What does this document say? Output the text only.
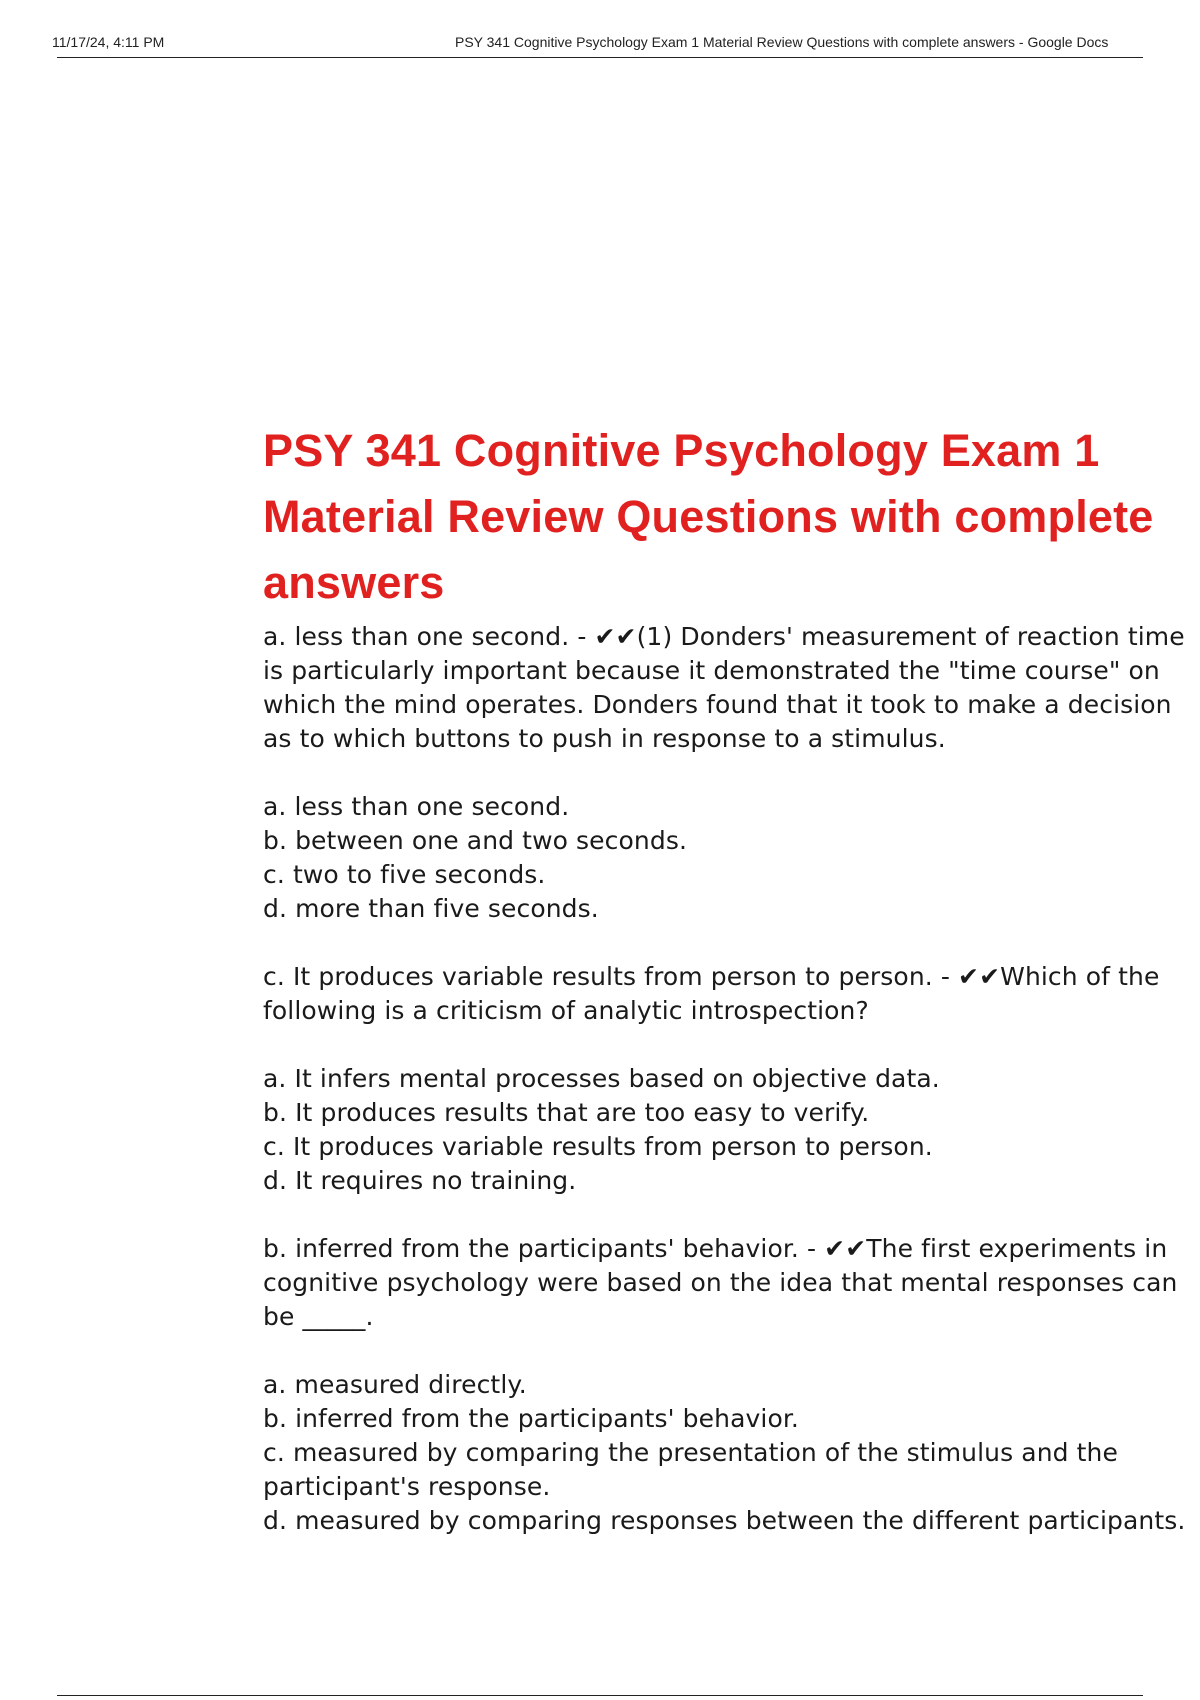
11/17/24, 4:11 PM	PSY 341 Cognitive Psychology Exam 1 Material Review Questions with complete answers - Google Docs
PSY 341 Cognitive Psychology Exam 1 Material Review Questions with complete answers

a. less than one second. - ✔✔(1) Donders' measurement of reaction time is particularly important because it demonstrated the "time course" on which the mind operates. Donders found that it took to make a decision as to which buttons to push in response to a stimulus.

a. less than one second.

b. between one and two seconds.

c. two to five seconds.

d. more than five seconds.

c. It produces variable results from person to person. - ✔✔Which of the following is a criticism of analytic introspection?

a. It infers mental processes based on objective data.

b. It produces results that are too easy to verify.

c. It produces variable results from person to person.

d. It requires no training.

b. inferred from the participants' behavior. - ✔✔The first experiments in cognitive psychology were based on the idea that mental responses can be _____.

a. measured directly.

b. inferred from the participants' behavior.

c. measured by comparing the presentation of the stimulus and the participant's response.

d. measured by comparing responses between the different participants.
